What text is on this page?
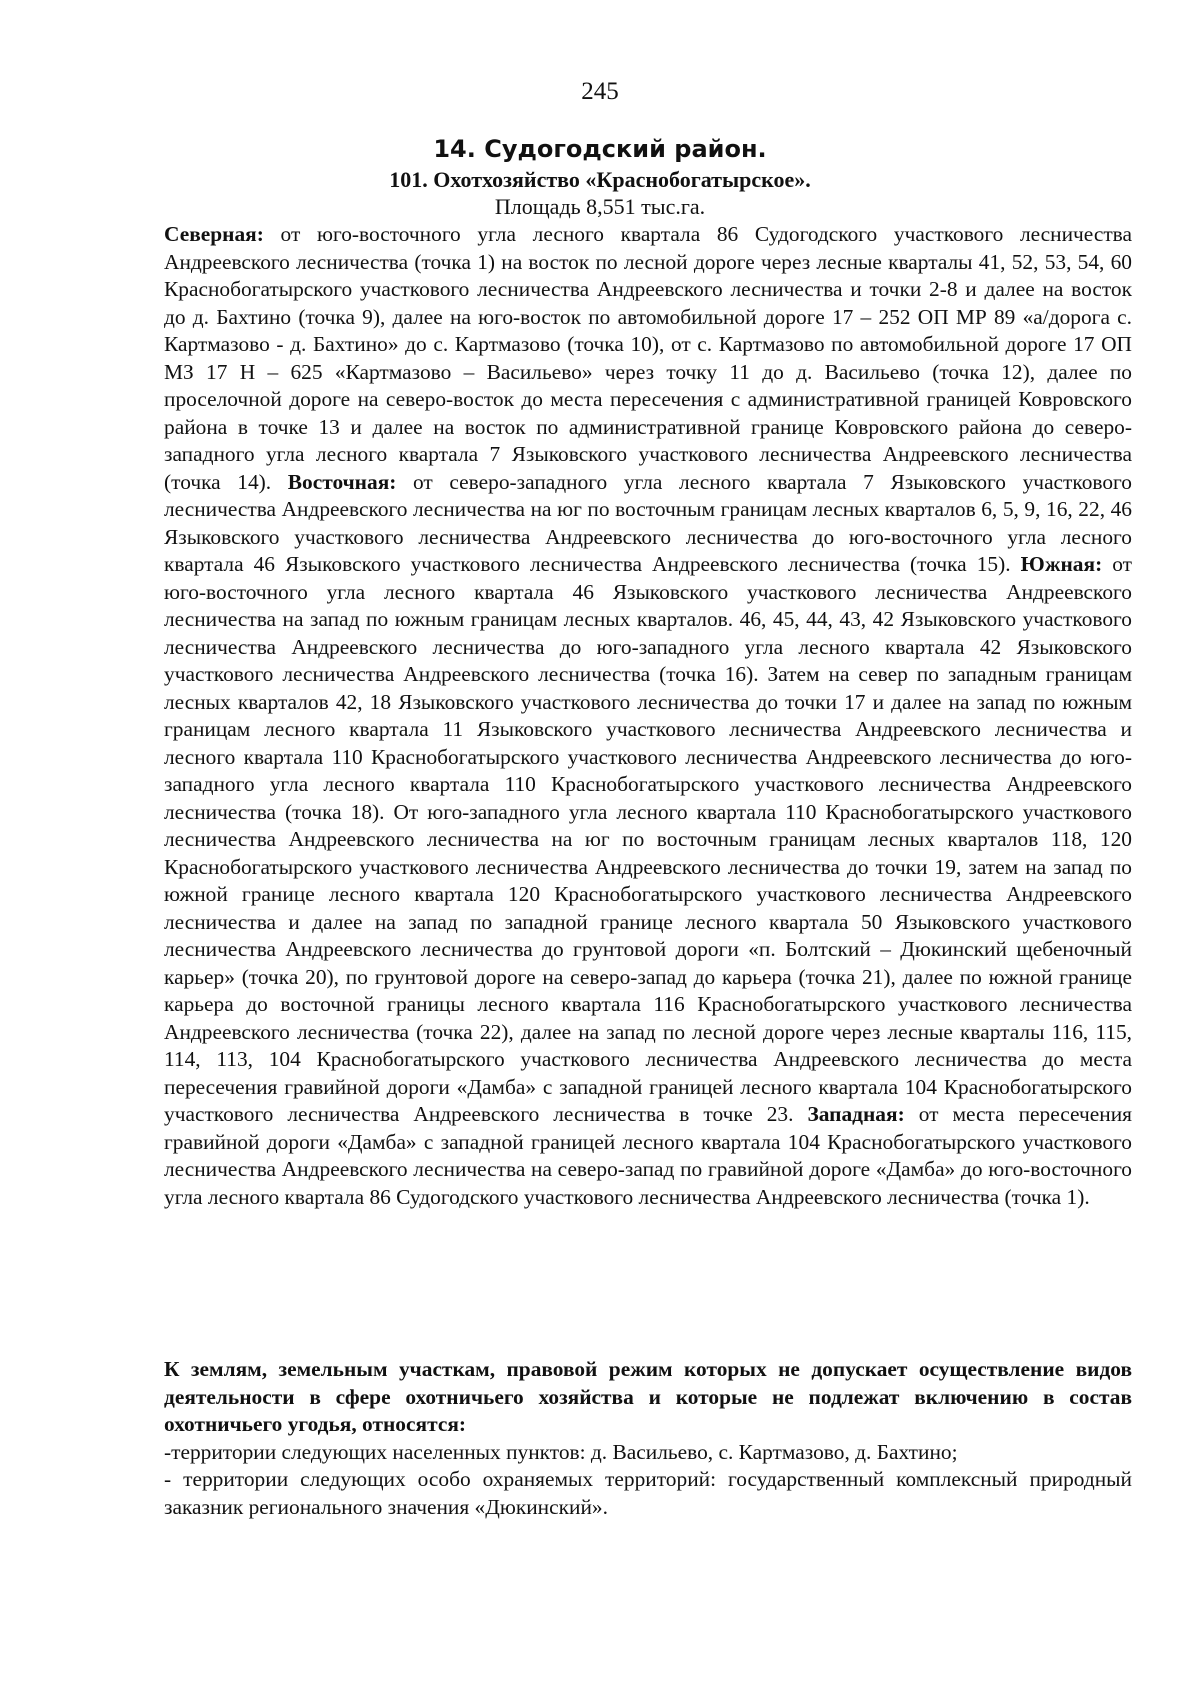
245
14. Судогодский район.
101. Охотхозяйство «Краснобогатырское».
Площадь 8,551 тыс.га.

Северная: от юго-восточного угла лесного квартала 86 Судогодского участкового лесничества Андреевского лесничества (точка 1) на восток по лесной дороге через лесные кварталы 41, 52, 53, 54, 60 Краснобогатырского участкового лесничества Андреевского лесничества и точки 2-8 и далее на восток до д. Бахтино (точка 9), далее на юго-восток по автомобильной дороге 17 – 252 ОП МР 89 «а/дорога с. Картмазово - д. Бахтино» до с. Картмазово (точка 10), от с. Картмазово по автомобильной дороге 17 ОП МЗ 17 Н – 625 «Картмазово – Васильево» через точку 11 до д. Васильево (точка 12), далее по проселочной дороге на северо-восток до места пересечения с административной границей Ковровского района в точке 13 и далее на восток по административной границе Ковровского района до северо-западного угла лесного квартала 7 Языковского участкового лесничества Андреевского лесничества (точка 14). Восточная: от северо-западного угла лесного квартала 7 Языковского участкового лесничества Андреевского лесничества на юг по восточным границам лесных кварталов 6, 5, 9, 16, 22, 46 Языковского участкового лесничества Андреевского лесничества до юго-восточного угла лесного квартала 46 Языковского участкового лесничества Андреевского лесничества (точка 15). Южная: от юго-восточного угла лесного квартала 46 Языковского участкового лесничества Андреевского лесничества на запад по южным границам лесных кварталов. 46, 45, 44, 43, 42 Языковского участкового лесничества Андреевского лесничества до юго-западного угла лесного квартала 42 Языковского участкового лесничества Андреевского лесничества (точка 16). Затем на север по западным границам лесных кварталов 42, 18 Языковского участкового лесничества до точки 17 и далее на запад по южным границам лесного квартала 11 Языковского участкового лесничества Андреевского лесничества и лесного квартала 110 Краснобогатырского участкового лесничества Андреевского лесничества до юго-западного угла лесного квартала 110 Краснобогатырского участкового лесничества Андреевского лесничества (точка 18). От юго-западного угла лесного квартала 110 Краснобогатырского участкового лесничества Андреевского лесничества на юг по восточным границам лесных кварталов 118, 120 Краснобогатырского участкового лесничества Андреевского лесничества до точки 19, затем на запад по южной границе лесного квартала 120 Краснобогатырского участкового лесничества Андреевского лесничества и далее на запад по западной границе лесного квартала 50 Языковского участкового лесничества Андреевского лесничества до грунтовой дороги «п. Болтский – Дюкинский щебеночный карьер» (точка 20), по грунтовой дороге на северо-запад до карьера (точка 21), далее по южной границе карьера до восточной границы лесного квартала 116 Краснобогатырского участкового лесничества Андреевского лесничества (точка 22), далее на запад по лесной дороге через лесные кварталы 116, 115, 114, 113, 104 Краснобогатырского участкового лесничества Андреевского лесничества до места пересечения гравийной дороги «Дамба» с западной границей лесного квартала 104 Краснобогатырского участкового лесничества Андреевского лесничества в точке 23. Западная: от места пересечения гравийной дороги «Дамба» с западной границей лесного квартала 104 Краснобогатырского участкового лесничества Андреевского лесничества на северо-запад по гравийной дороге «Дамба» до юго-восточного угла лесного квартала 86 Судогодского участкового лесничества Андреевского лесничества (точка 1).

К землям, земельным участкам, правовой режим которых не допускает осуществление видов деятельности в сфере охотничьего хозяйства и которые не подлежат включению в состав охотничьего угодья, относятся:

-территории следующих населенных пунктов: д. Васильево, с. Картмазово, д. Бахтино;

- территории следующих особо охраняемых территорий: государственный комплексный природный заказник регионального значения «Дюкинский».
